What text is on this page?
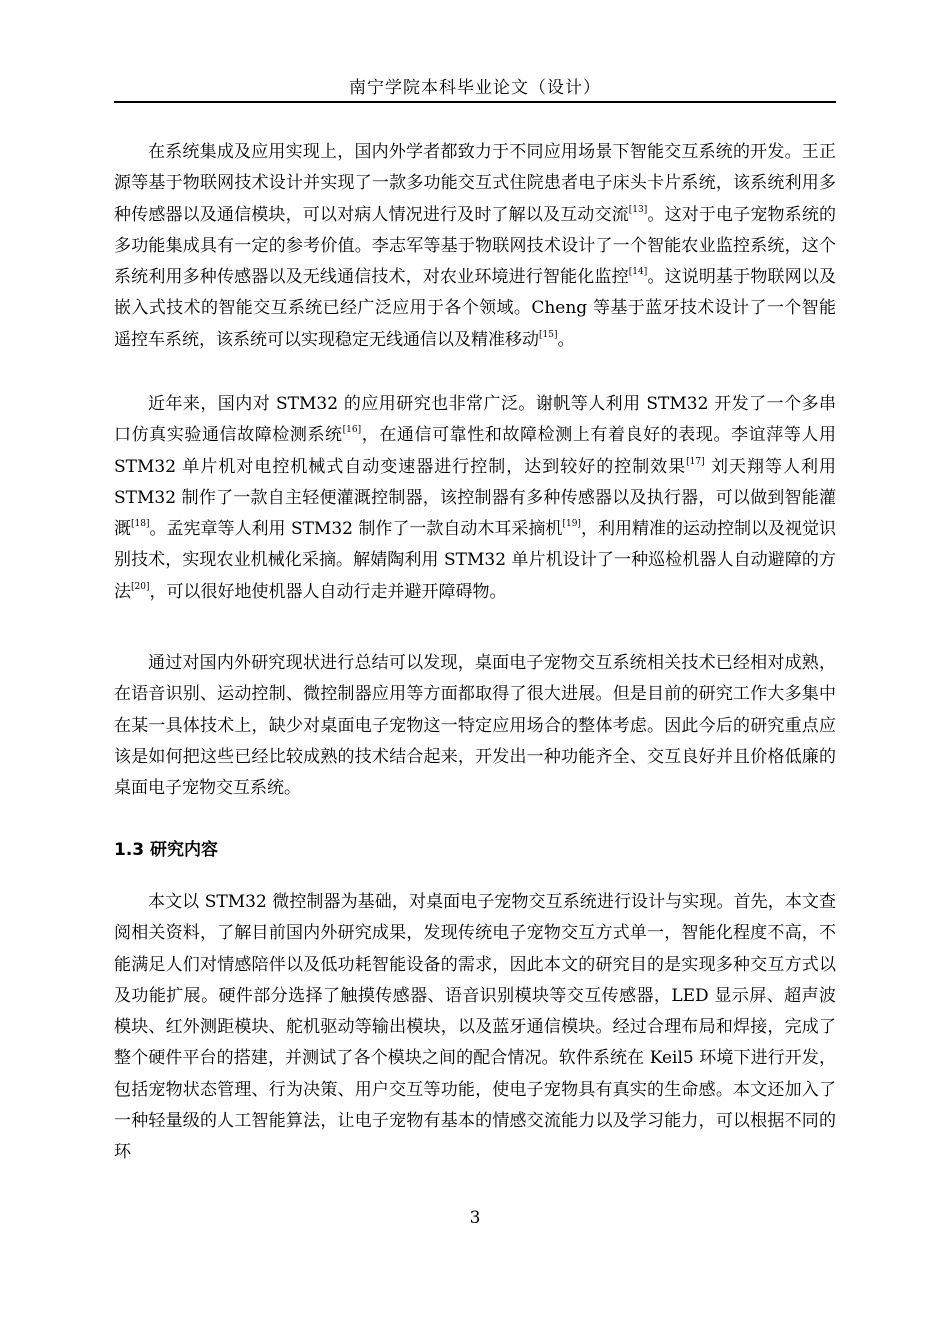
南宁学院本科毕业论文（设计）

在系统集成及应用实现上，国内外学者都致力于不同应用场景下智能交互系统的开发。王正源等基于物联网技术设计并实现了一款多功能交互式住院患者电子床头卡片系统，该系统利用多种传感器以及通信模块，可以对病人情况进行及时了解以及互动交流[13]。这对于电子宠物系统的多功能集成具有一定的参考价值。李志军等基于物联网技术设计了一个智能农业监控系统，这个系统利用多种传感器以及无线通信技术，对农业环境进行智能化监控[14]。这说明基于物联网以及嵌入式技术的智能交互系统已经广泛应用于各个领域。Cheng 等基于蓝牙技术设计了一个智能遥控车系统，该系统可以实现稳定无线通信以及精准移动[15]。

近年来，国内对 STM32 的应用研究也非常广泛。谢帆等人利用 STM32 开发了一个多串口仿真实验通信故障检测系统[16]，在通信可靠性和故障检测上有着良好的表现。李谊萍等人用 STM32 单片机对电控机械式自动变速器进行控制，达到较好的控制效果[17] 刘天翔等人利用 STM32 制作了一款自主轻便灌溉控制器，该控制器有多种传感器以及执行器，可以做到智能灌溉[18]。孟宪章等人利用 STM32 制作了一款自动木耳采摘机[19]，利用精准的运动控制以及视觉识别技术，实现农业机械化采摘。解婧陶利用 STM32 单片机设计了一种巡检机器人自动避障的方法[20]，可以很好地使机器人自动行走并避开障碍物。

通过对国内外研究现状进行总结可以发现，桌面电子宠物交互系统相关技术已经相对成熟，在语音识别、运动控制、微控制器应用等方面都取得了很大进展。但是目前的研究工作大多集中在某一具体技术上，缺少对桌面电子宠物这一特定应用场合的整体考虑。因此今后的研究重点应该是如何把这些已经比较成熟的技术结合起来，开发出一种功能齐全、交互良好并且价格低廉的桌面电子宠物交互系统。

1.3 研究内容

本文以 STM32 微控制器为基础，对桌面电子宠物交互系统进行设计与实现。首先，本文查阅相关资料，了解目前国内外研究成果，发现传统电子宠物交互方式单一，智能化程度不高，不能满足人们对情感陪伴以及低功耗智能设备的需求，因此本文的研究目的是实现多种交互方式以及功能扩展。硬件部分选择了触摸传感器、语音识别模块等交互传感器，LED 显示屏、超声波模块、红外测距模块、舵机驱动等输出模块，以及蓝牙通信模块。经过合理布局和焊接，完成了整个硬件平台的搭建，并测试了各个模块之间的配合情况。软件系统在 Keil5 环境下进行开发，包括宠物状态管理、行为决策、用户交互等功能，使电子宠物具有真实的生命感。本文还加入了一种轻量级的人工智能算法，让电子宠物有基本的情感交流能力以及学习能力，可以根据不同的环

3
